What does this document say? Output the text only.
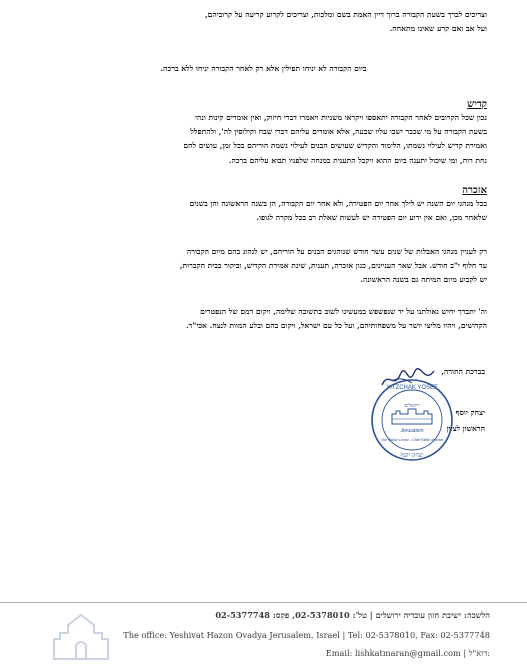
וצריכים לברך בשעת הקבורה ברוך דיין האמת בשם ומלכות, וצריכים לקרוע קריעה על קרוביהם,
ועל אב ואם קרע שאינו מתאחה.
ביום הקבורה לא יניחו תפילין אלא רק לאחר הקבורה יניחו ללא ברכה.
קדיש
נכון שכל הקרובים לאחר הקבורה יתאספו ויקראו משניות ויאמרו דברי חיזוק, ואין אומרים קינות ונהי
בשעת הקבורה על מי שכבר ישבו עליו שבעה, אלא אומרים עליהם דברי שבח וקילוסין לה', ולהתפלל
ואמירת קדיש לעילוי נשמתו, הלימוד והקדיש שעושים הבנים לעילוי נשמת הוריהם בכל זמן, עושים להם
נחת רוח, ומי שיכול יתענה ביום ההוא ויקבל התענית במנחה שלפניו תבוא עליהם ברכה.
אזכרה
בכל מנהגי יום השנה יש לילך אחר יום הפטירה, ולא אחר יום הקבורה, הן בשנה הראשונה והן בשנים
שלאחר מכן, ואם אין ידוע יום הפטירה יש לעשות שאלת רב בכל מקרה לגופו.
רק לעניין מנהגי האבלות של שנים עשר חודש שנוהגים הבנים על הוריהם, יש לנהוג בהם מיום הקבורה
עד חלוף י"ב חודש. אבל שאר העניינים, כגון אזכרה, תענית, שינת אמירת הקדיש, וביקור בבית הקברות,
יש לקבוע מיום המיתה גם בשנה הראשונה.
וה' יתברך יחיש גאולתנו על יד שנפשפש במעשינו לשוב בתשובה שלימה, ויקום דמם של הנפטרים
הקדושים, ויהיו מליצי יושר על משפחותיהם, ועל כל עם ישראל, ויקום בהם ובלע המוות לנצח. אכי"ר.
YITZCHAK YOSEF
יצחק יוסף
ירושלים
Jerusalem
The Rishon Lezion - Chief Rabbi of Israel
בברכת התורה,
יצחק יוסף
הראשון לציון
הלשכה: ישיבת חזון עובדיה ירושלים | טל': 02-5378010, פקס: 02-5377748
The office: Yeshivat Hazon Ovadya Jerusalem, Israel | Tel: 02-5378010, Fax: 02-5377748
Email: lishkatmaran@gmail.com | דוא"ל:
